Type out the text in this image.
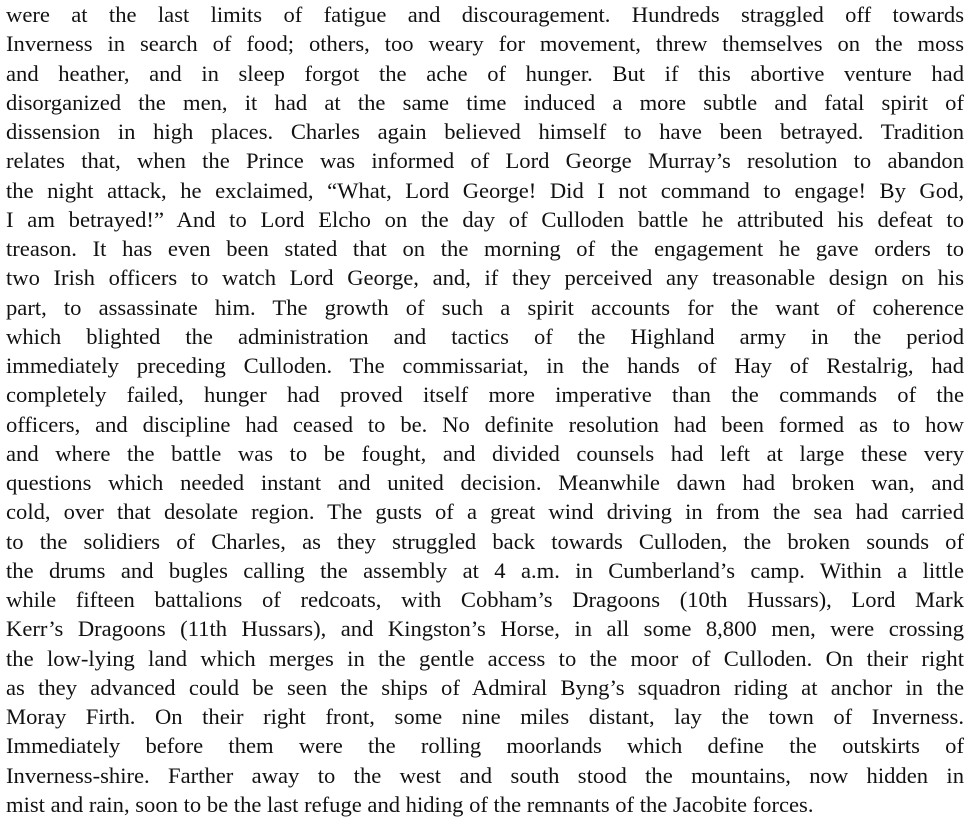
were at the last limits of fatigue and discouragement. Hundreds straggled off towards
Inverness in search of food; others, too weary for movement, threw themselves on the moss
and heather, and in sleep forgot the ache of hunger. But if this abortive venture had
disorganized the men, it had at the same time induced a more subtle and fatal spirit of
dissension in high places. Charles again believed himself to have been betrayed. Tradition
relates that, when the Prince was informed of Lord George Murray’s resolution to abandon
the night attack, he exclaimed, “What, Lord George! Did I not command to engage! By God,
I am betrayed!” And to Lord Elcho on the day of Culloden battle he attributed his defeat to
treason. It has even been stated that on the morning of the engagement he gave orders to
two Irish officers to watch Lord George, and, if they perceived any treasonable design on his
part, to assassinate him. The growth of such a spirit accounts for the want of coherence
which blighted the administration and tactics of the Highland army in the period
immediately preceding Culloden. The commissariat, in the hands of Hay of Restalrig, had
completely failed, hunger had proved itself more imperative than the commands of the
officers, and discipline had ceased to be. No definite resolution had been formed as to how
and where the battle was to be fought, and divided counsels had left at large these very
questions which needed instant and united decision. Meanwhile dawn had broken wan, and
cold, over that desolate region. The gusts of a great wind driving in from the sea had carried
to the solidiers of Charles, as they struggled back towards Culloden, the broken sounds of
the drums and bugles calling the assembly at 4 a.m. in Cumberland’s camp. Within a little
while fifteen battalions of redcoats, with Cobham’s Dragoons (10th Hussars), Lord Mark
Kerr’s Dragoons (11th Hussars), and Kingston’s Horse, in all some 8,800 men, were crossing
the low-lying land which merges in the gentle access to the moor of Culloden. On their right
as they advanced could be seen the ships of Admiral Byng’s squadron riding at anchor in the
Moray Firth. On their right front, some nine miles distant, lay the town of Inverness.
Immediately before them were the rolling moorlands which define the outskirts of
Inverness-shire. Farther away to the west and south stood the mountains, now hidden in
mist and rain, soon to be the last refuge and hiding of the remnants of the Jacobite forces.
